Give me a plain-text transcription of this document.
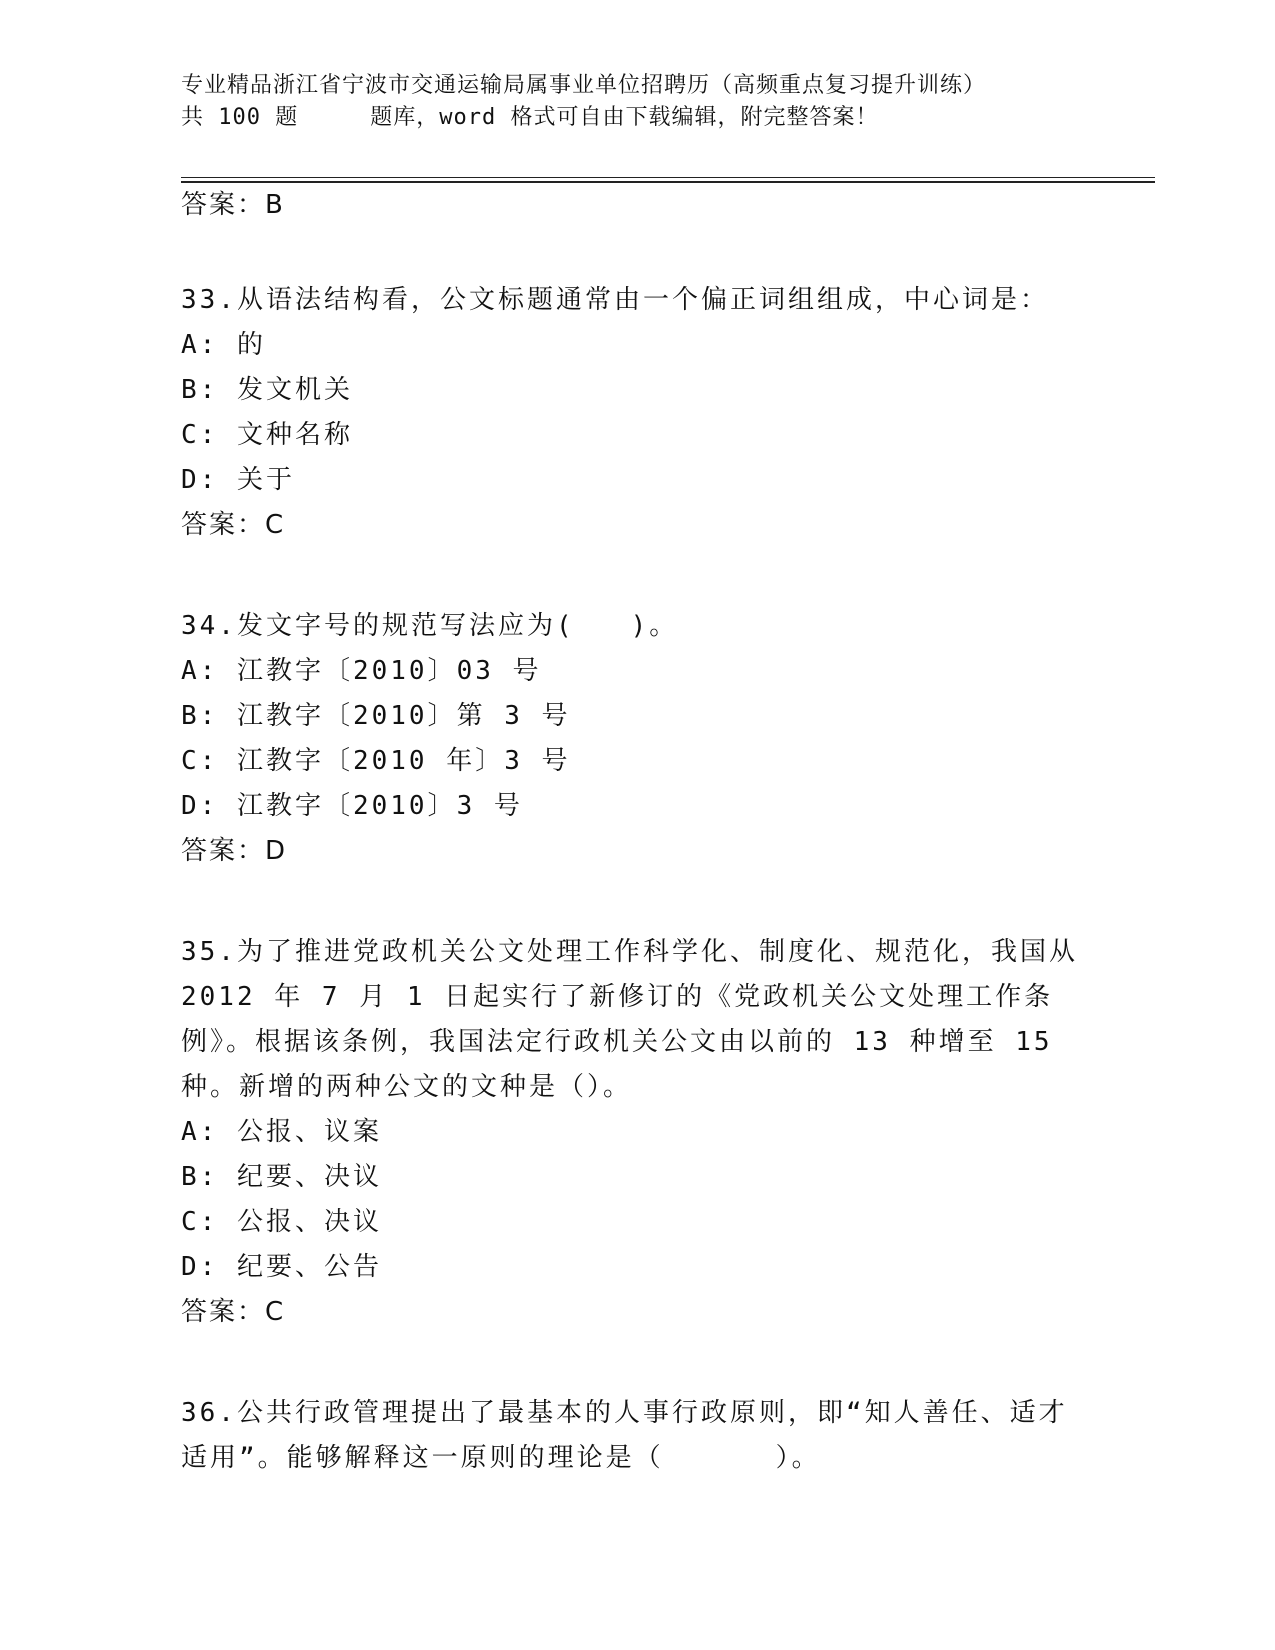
专业精品浙江省宁波市交通运输局属事业单位招聘历（高频重点复习提升训练）
共 100 题	题库，word 格式可自由下载编辑，附完整答案！
答案：B
33.从语法结构看，公文标题通常由一个偏正词组组成，中心词是：
A: 的
B: 发文机关
C: 文种名称
D: 关于
答案：C
34.发文字号的规范写法应为(   )。
A: 江教字〔2010〕03 号
B: 江教字〔2010〕第 3 号
C: 江教字〔2010 年〕3 号
D: 江教字〔2010〕3 号
答案：D
35.为了推进党政机关公文处理工作科学化、制度化、规范化，我国从2012 年 7 月 1 日起实行了新修订的《党政机关公文处理工作条例》。根据该条例，我国法定行政机关公文由以前的 13 种增至 15 种。新增的两种公文的文种是（）。
A: 公报、议案
B: 纪要、决议
C: 公报、决议
D: 纪要、公告
答案：C
36.公共行政管理提出了最基本的人事行政原则，即“知人善任、适才适用”。能够解释这一原则的理论是（      ）。
